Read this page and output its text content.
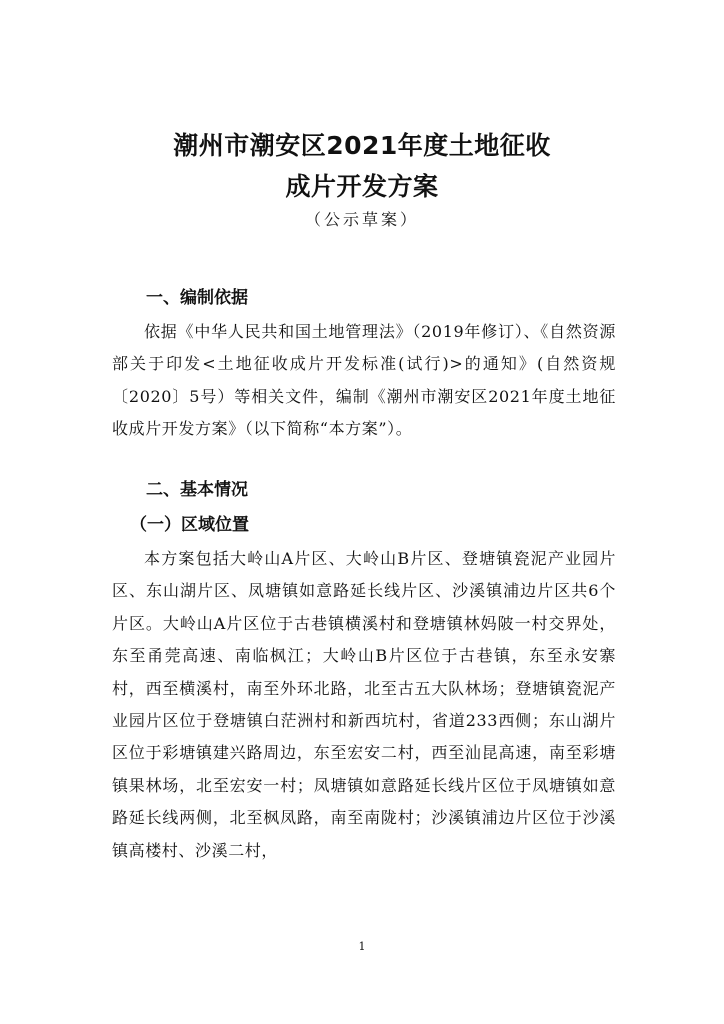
潮州市潮安区2021年度土地征收
成片开发方案
（公示草案）
一、编制依据
依据《中华人民共和国土地管理法》（2019年修订）、《自然资源部关于印发<土地征收成片开发标准(试行)>的通知》(自然资规〔2020〕5号）等相关文件，编制《潮州市潮安区2021年度土地征收成片开发方案》（以下简称“本方案”）。
二、基本情况
（一）区域位置
本方案包括大岭山A片区、大岭山B片区、登塘镇瓷泥产业园片区、东山湖片区、凤塘镇如意路延长线片区、沙溪镇浦边片区共6个片区。大岭山A片区位于古巷镇横溪村和登塘镇林妈陂一村交界处，东至甬莞高速、南临枫江；大岭山B片区位于古巷镇，东至永安寨村，西至横溪村，南至外环北路，北至古五大队林场；登塘镇瓷泥产业园片区位于登塘镇白茫洲村和新西坑村，省道233西侧；东山湖片区位于彩塘镇建兴路周边，东至宏安二村，西至汕昆高速，南至彩塘镇果林场，北至宏安一村；凤塘镇如意路延长线片区位于凤塘镇如意路延长线两侧，北至枫凤路，南至南陇村；沙溪镇浦边片区位于沙溪镇高楼村、沙溪二村，
1
